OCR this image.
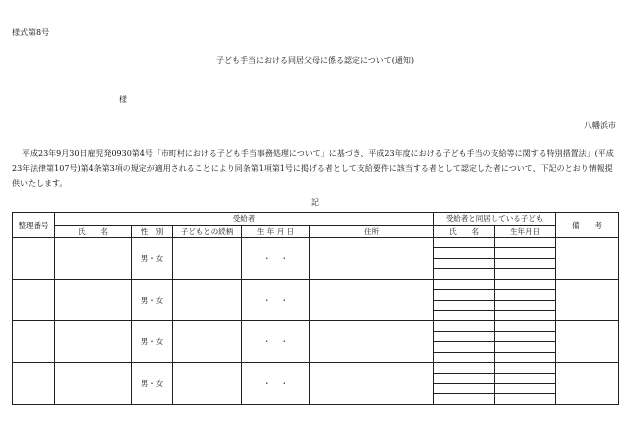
様式第8号
子ども手当における同居父母に係る認定について(通知)
様
八幡浜市

平成23年9月30日雇児発0930第4号「市町村における子ども手当事務処理について」に基づき、平成23年度における子ども手当の支給等に関する特別措置法」(平成23年法律第107号)第4条第3項の規定が適用されることにより同条第1項第1号に掲げる者として支給要件に該当する者として認定した者について、下記のとおり情報提供いたします。

記
整理番号	受給者					受給者と同居している子ども		備　　考
	氏　　名	性　別	子どもとの続柄	生 年 月 日	住所	氏　　名	生年月日	
		男・女		・・				

		男・女		・・				

		男・女		・・				

		男・女		・・				
